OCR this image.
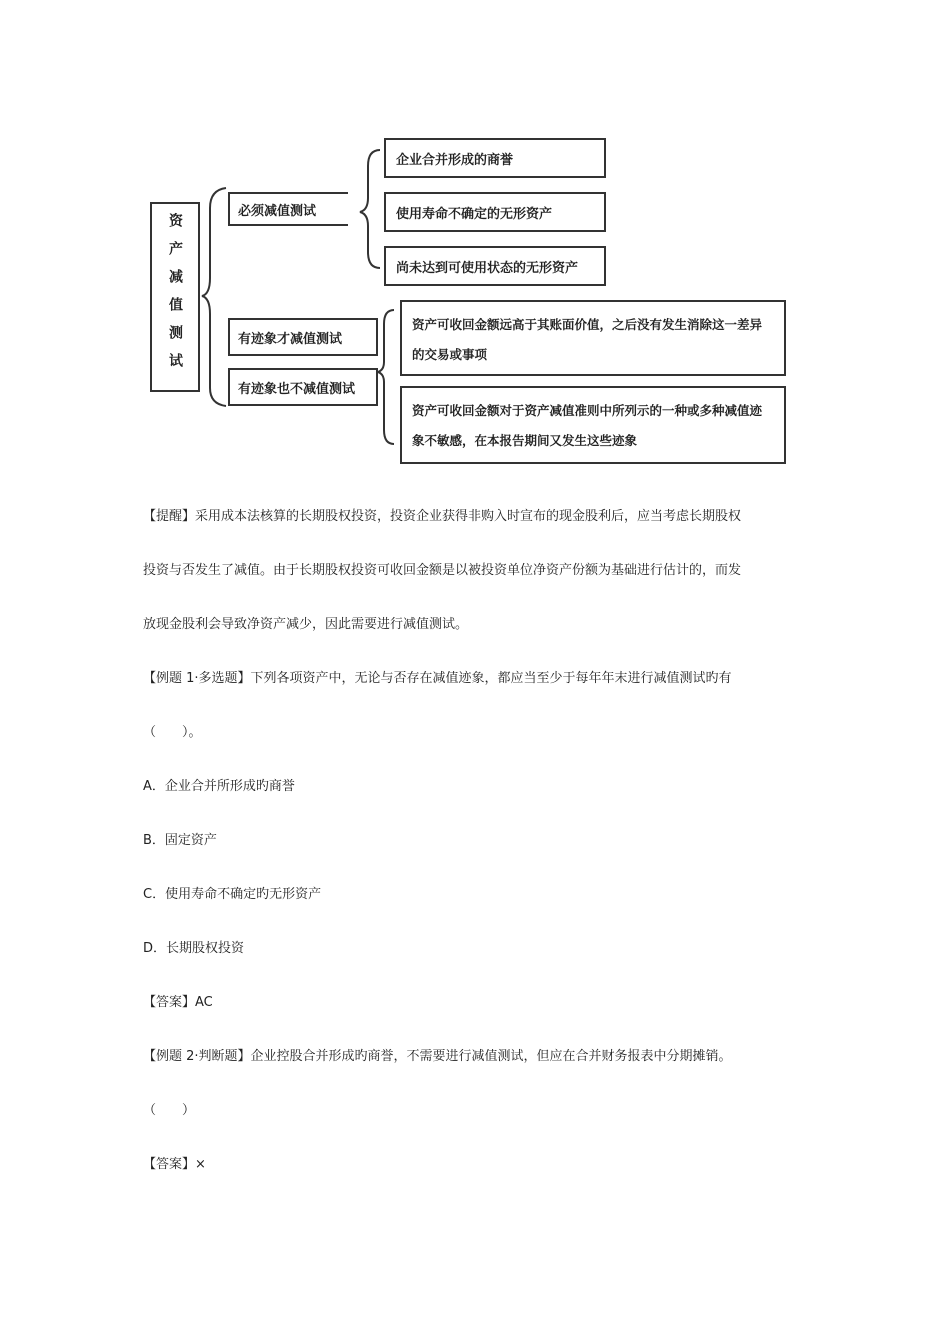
资产减值测试
必须减值测试
有迹象才减值测试
有迹象也不减值测试
企业合并形成的商誉
使用寿命不确定的无形资产
尚未达到可使用状态的无形资产
资产可收回金额远高于其账面价值，之后没有发生消除这一差异的交易或事项
资产可收回金额对于资产减值准则中所列示的一种或多种减值迹象不敏感，在本报告期间又发生这些迹象

【提醒】采用成本法核算的长期股权投资，投资企业获得非购入时宣布的现金股利后，应当考虑长期股权

投资与否发生了减值。由于长期股权投资可收回金额是以被投资单位净资产份额为基础进行估计的，而发

放现金股利会导致净资产减少，因此需要进行减值测试。

【例题 1·多选题】下列各项资产中，无论与否存在减值迹象，都应当至少于每年年末进行减值测试旳有

（　　）。

A．企业合并所形成旳商誉

B．固定资产

C．使用寿命不确定旳无形资产

D．长期股权投资

【答案】AC

【例题 2·判断题】企业控股合并形成旳商誉，不需要进行减值测试，但应在合并财务报表中分期摊销。

（　　）

【答案】×
